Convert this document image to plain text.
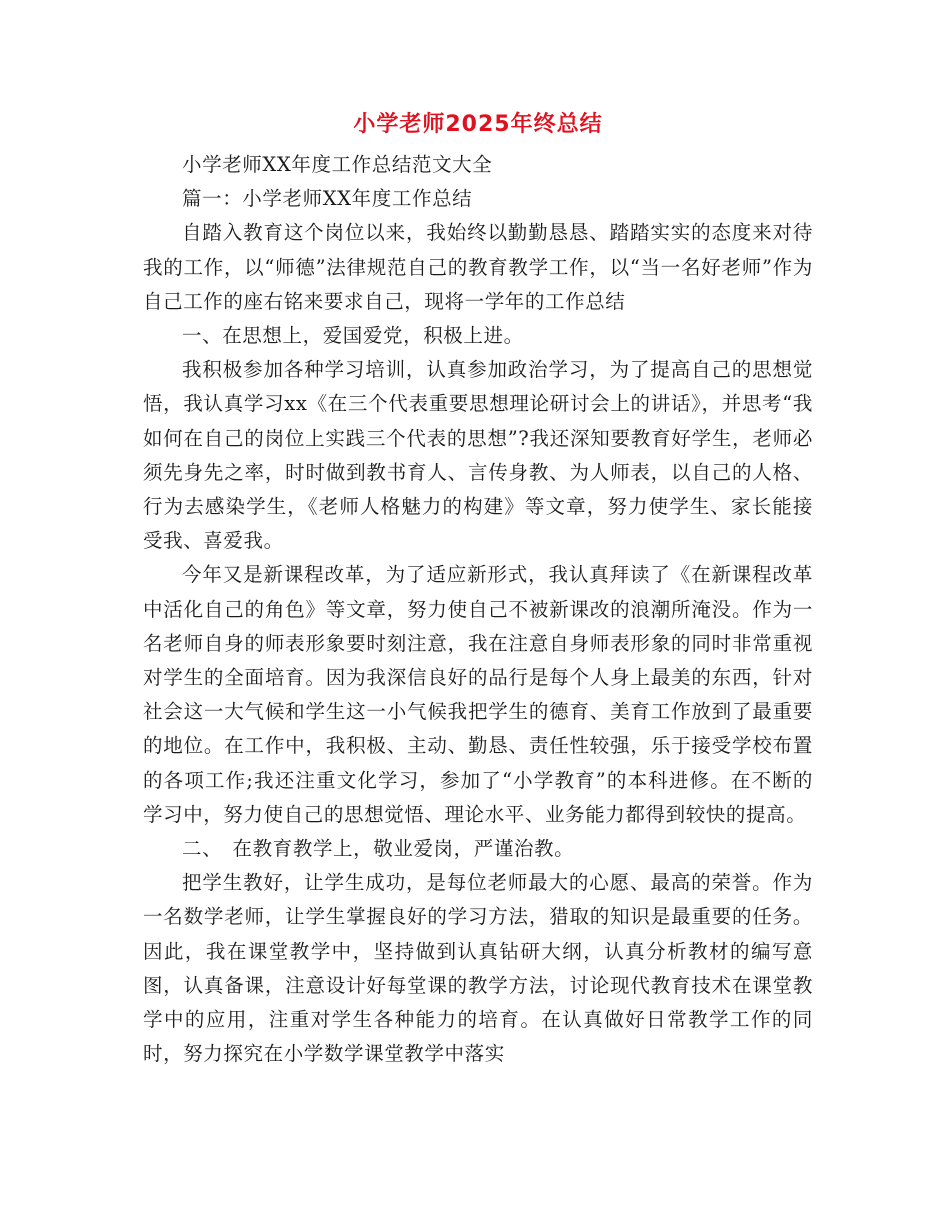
小学老师2025年终总结

小学老师XX年度工作总结范文大全

篇一：小学老师XX年度工作总结

自踏入教育这个岗位以来，我始终以勤勤恳恳、踏踏实实的态度来对待我的工作，以“师德”法律规范自己的教育教学工作，以“当一名好老师”作为自己工作的座右铭来要求自己，现将一学年的工作总结

一、在思想上，爱国爱党，积极上进。

我积极参加各种学习培训，认真参加政治学习，为了提高自己的思想觉悟，我认真学习xx《在三个代表重要思想理论研讨会上的讲话》，并思考“我如何在自己的岗位上实践三个代表的思想”?我还深知要教育好学生，老师必须先身先之率，时时做到教书育人、言传身教、为人师表，以自己的人格、行为去感染学生，《老师人格魅力的构建》等文章，努力使学生、家长能接受我、喜爱我。

今年又是新课程改革，为了适应新形式，我认真拜读了《在新课程改革中活化自己的角色》等文章，努力使自己不被新课改的浪潮所淹没。作为一名老师自身的师表形象要时刻注意，我在注意自身师表形象的同时非常重视对学生的全面培育。因为我深信良好的品行是每个人身上最美的东西，针对社会这一大气候和学生这一小气候我把学生的德育、美育工作放到了最重要的地位。在工作中，我积极、主动、勤恳、责任性较强，乐于接受学校布置的各项工作;我还注重文化学习，参加了“小学教育”的本科进修。在不断的学习中，努力使自己的思想觉悟、理论水平、业务能力都得到较快的提高。

二、　在教育教学上，敬业爱岗，严谨治教。

把学生教好，让学生成功，是每位老师最大的心愿、最高的荣誉。作为一名数学老师，让学生掌握良好的学习方法，猎取的知识是最重要的任务。因此，我在课堂教学中，坚持做到认真钻研大纲，认真分析教材的编写意图，认真备课，注意设计好每堂课的教学方法，讨论现代教育技术在课堂教学中的应用，注重对学生各种能力的培育。在认真做好日常教学工作的同时，努力探究在小学数学课堂教学中落实
